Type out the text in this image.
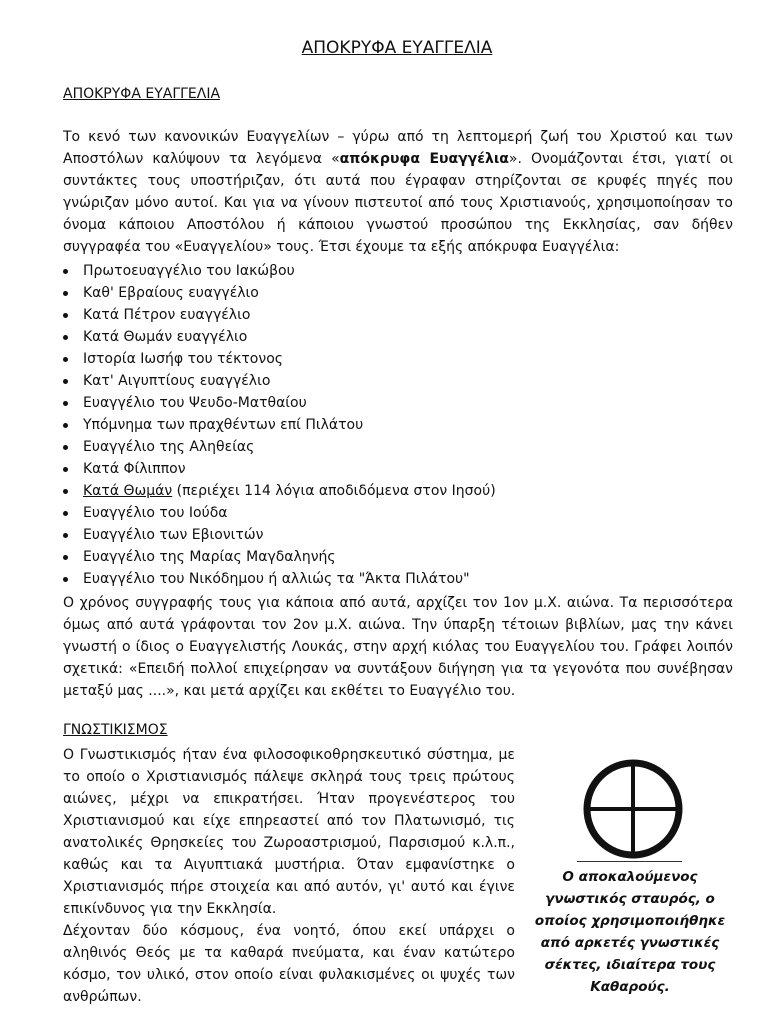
ΑΠΟΚΡΥΦΑ ΕΥΑΓΓΕΛΙΑ
ΑΠΟΚΡΥΦΑ ΕΥΑΓΓΕΛΙΑ

Το κενό των κανονικών Ευαγγελίων – γύρω από τη λεπτομερή ζωή του Χριστού και των Αποστόλων καλύψουν τα λεγόμενα «απόκρυφα Ευαγγέλια». Ονομάζονται έτσι, γιατί οι συντάκτες τους υποστήριζαν, ότι αυτά που έγραφαν στηρίζονται σε κρυφές πηγές που γνώριζαν μόνο αυτοί. Και για να γίνουν πιστευτοί από τους Χριστιανούς, χρησιμοποίησαν το όνομα κάποιου Αποστόλου ή κάποιου γνωστού προσώπου της Εκκλησίας, σαν δήθεν συγγραφέα του «Ευαγγελίου» τους. Έτσι έχουμε τα εξής απόκρυφα Ευαγγέλια:

Πρωτοευαγγέλιο του Ιακώβου
Καθ' Εβραίους ευαγγέλιο
Κατά Πέτρον ευαγγέλιο
Κατά Θωμάν ευαγγέλιο
Ιστορία Ιωσήφ του τέκτονος
Κατ' Αιγυπτίους ευαγγέλιο
Ευαγγέλιο του Ψευδο-Ματθαίου
Υπόμνημα των πραχθέντων επί Πιλάτου
Ευαγγέλιο της Αληθείας
Κατά Φίλιππον
Κατά Θωμάν (περιέχει 114 λόγια αποδιδόμενα στον Ιησού)
Ευαγγέλιο του Ιούδα
Ευαγγέλιο των Εβιονιτών
Ευαγγέλιο της Μαρίας Μαγδαληνής
Ευαγγέλιο του Νικόδημου ή αλλιώς τα "Άκτα Πιλάτου"

Ο χρόνος συγγραφής τους για κάποια από αυτά, αρχίζει τον 1ον μ.Χ. αιώνα. Τα περισσότερα όμως από αυτά γράφονται τον 2ον μ.Χ. αιώνα. Την ύπαρξη τέτοιων βιβλίων, μας την κάνει γνωστή ο ίδιος ο Ευαγγελιστής Λουκάς, στην αρχή κιόλας του Ευαγγελίου του. Γράφει λοιπόν σχετικά: «Επειδή πολλοί επιχείρησαν να συντάξουν διήγηση για τα γεγονότα που συνέβησαν μεταξύ μας ....», και μετά αρχίζει και εκθέτει το Ευαγγέλιο του.

ΓΝΩΣΤΙΚΙΣΜΟΣ

Ο Γνωστικισμός ήταν ένα φιλοσοφικοθρησκευτικό σύστημα, με το οποίο ο Χριστιανισμός πάλεψε σκληρά τους τρεις πρώτους αιώνες, μέχρι να επικρατήσει. Ήταν προγενέστερος του Χριστιανισμού και είχε επηρεαστεί από τον Πλατωνισμό, τις ανατολικές Θρησκείες του Ζωροαστρισμού, Παρσισμού κ.λ.π., καθώς και τα Αιγυπτιακά μυστήρια. Όταν εμφανίστηκε ο Χριστιανισμός πήρε στοιχεία και από αυτόν, γι' αυτό και έγινε επικίνδυνος για την Εκκλησία.

Δέχονταν δύο κόσμους, ένα νοητό, όπου εκεί υπάρχει ο αληθινός Θεός με τα καθαρά πνεύματα, και έναν κατώτερο κόσμο, τον υλικό, στον οποίο είναι φυλακισμένες οι ψυχές των ανθρώπων.

Ο αποκαλούμενος γνωστικός σταυρός, ο οποίος χρησιμοποιήθηκε από αρκετές γνωστικές σέκτες, ιδιαίτερα τους Καθαρούς.
